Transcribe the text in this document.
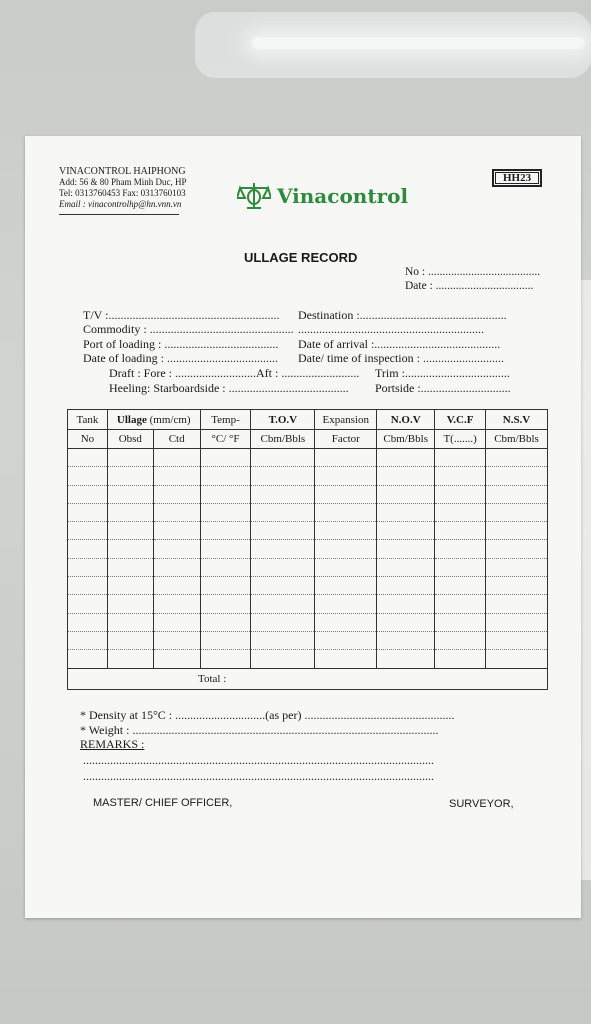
VINACONTROL HAIPHONG
Add: 56 & 80 Pham Minh Duc, HP
Tel: 0313760453 Fax: 0313760103
Email : vinacontrolhp@hn.vnn.vn	Vinacontrol
HH23
ULLAGE RECORD
No : .......................................
Date : ..................................
T/V :......................................................... Destination :.................................................
Commodity : ................................................ ..............................................................
Port of loading : ...................................... Date of arrival :..........................................
Date of loading : ..................................... Date/ time of inspection : ...........................
Draft : Fore : ...........................Aft : .......................... Trim :...................................
Heeling: Starboardside : ........................................ Portside :..............................
Tank	Ullage (mm/cm)		Temp-	T.O.V	Expansion	N.O.V	V.C.F	N.S.V
No	Obsd	Ctd	°C/ °F	Cbm/Bbls	Factor	Cbm/Bbls	T(.......)	Cbm/Bbls

Total :								
* Density at 15°C : ..............................(as per) ..................................................
* Weight : ......................................................................................................
REMARKS :
.....................................................................................................................
.....................................................................................................................
MASTER/ CHIEF OFFICER,	SURVEYOR,
